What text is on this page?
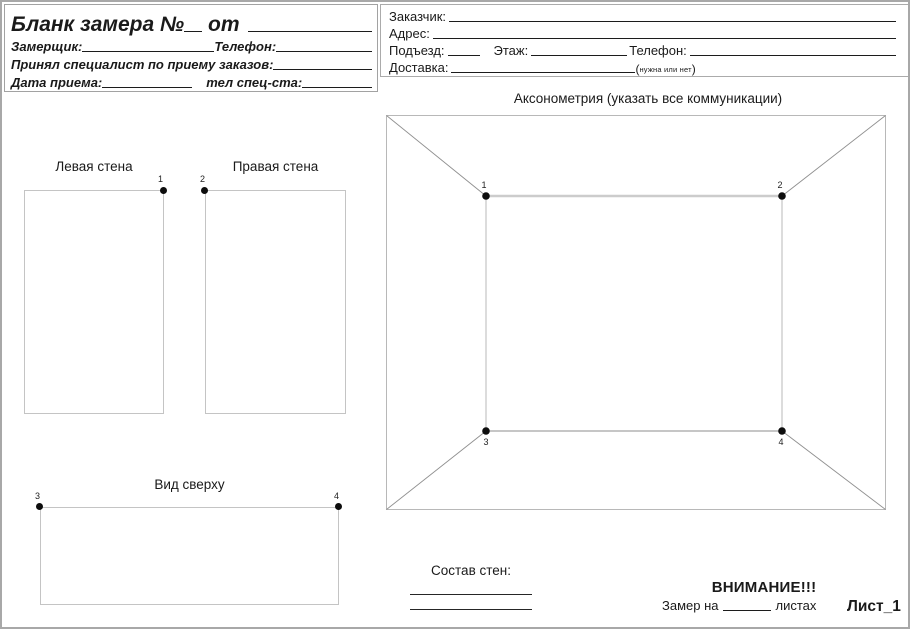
Бланк замера № от
Замерщик:	Телефон:
Принял специалист по приему заказов:
Дата приема:	тел спец-ста:
Заказчик:
Адрес:
Подъезд:	Этаж:	Телефон:
Доставка:	( нужна или нет )
Аксонометрия (указать все коммуникации)
1	2
3	4
Левая стена
1
Правая стена
2
Вид сверху
3	4
Состав стен:
ВНИМАНИЕ!!!
Замер на	листах Лист_1
